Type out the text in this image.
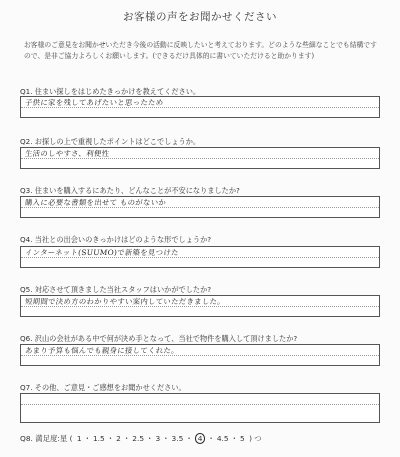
お客様の声をお聞かせください
お客様のご意見をお聞かせいただき今後の活動に反映したいと考えております。どのような些細なことでも結構ですので、是非ご協力よろしくお願いします。(できるだけ具体的に書いていただけると助かります)
Q1. 住まい探しをはじめたきっかけを教えてください。
子供に家を残してあげたいと思ったため
Q2. お探しの上で重視したポイントはどこでしょうか。
生活のしやすさ、利便性
Q3. 住まいを購入するにあたり、どんなことが不安になりましたか?
購入に必要な書類を出せて ものがないか
Q4. 当社との出会いのきっかけはどのような形でしょうか?
インターネット(SUUMO)で新築を見つけた
Q5. 対応させて頂きました当社スタッフはいかがでしたか?
短期間で決め方のわかりやすい案内していただきました。
Q6. 沢山の会社がある中で何が決め手となって、当社で物件を購入して頂けましたか?
あまり予算も悩んでも親身に接してくれた。
Q7. その他、ご意見・ご感想をお聞かせください。
Q8. 満足度:星 ( 1 ・ 1.5 ・ 2 ・ 2.5 ・ 3 ・ 3.5 ・ 4 ・ 4.5 ・ 5 ) つ
